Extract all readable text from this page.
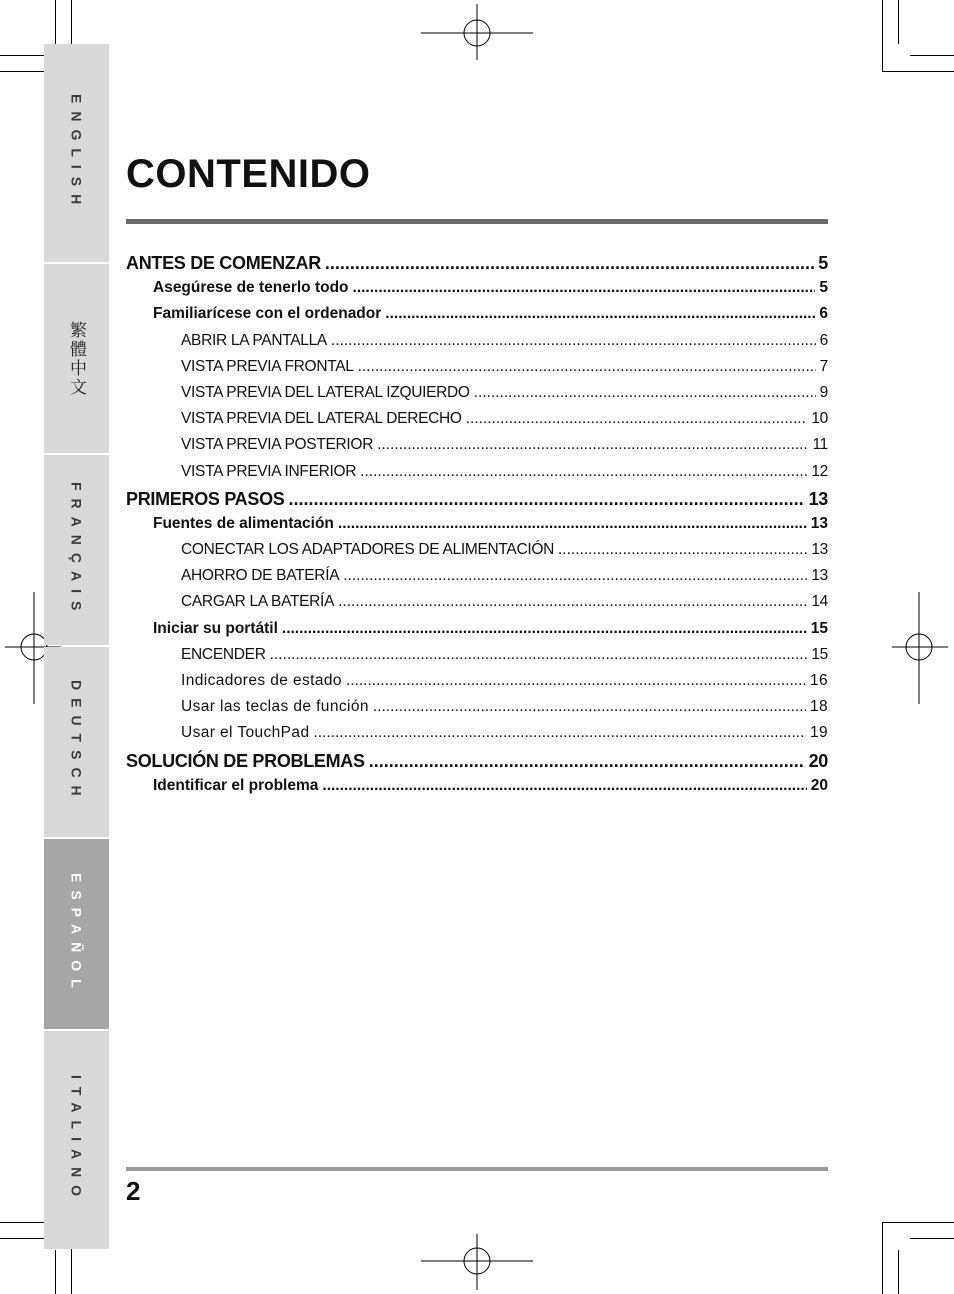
ENGLISH
繁體中文
FRANÇAIS
DEUTSCH
ESPAÑOL
ITALIANO
CONTENIDO
ANTES DE COMENZAR .....	5
Asegúrese de tenerlo todo .....	5
Familiarícese con el ordenador .....	6
ABRIR LA PANTALLA .....	6
VISTA PREVIA FRONTAL .....	7
VISTA PREVIA DEL LATERAL IZQUIERDO .....	9
VISTA PREVIA DEL LATERAL DERECHO .....	10
VISTA PREVIA POSTERIOR .....	11
VISTA PREVIA INFERIOR .....	12
PRIMEROS PASOS .....	13
Fuentes de alimentación .....	13
CONECTAR LOS ADAPTADORES DE ALIMENTACIÓN .....	13
AHORRO DE BATERÍA .....	13
CARGAR LA BATERÍA .....	14
Iniciar su portátil .....	15
ENCENDER .....	15
Indicadores de estado .....	16
Usar las teclas de función .....	18
Usar el TouchPad .....	19
SOLUCIÓN DE PROBLEMAS .....	20
Identificar el problema .....	20
2
